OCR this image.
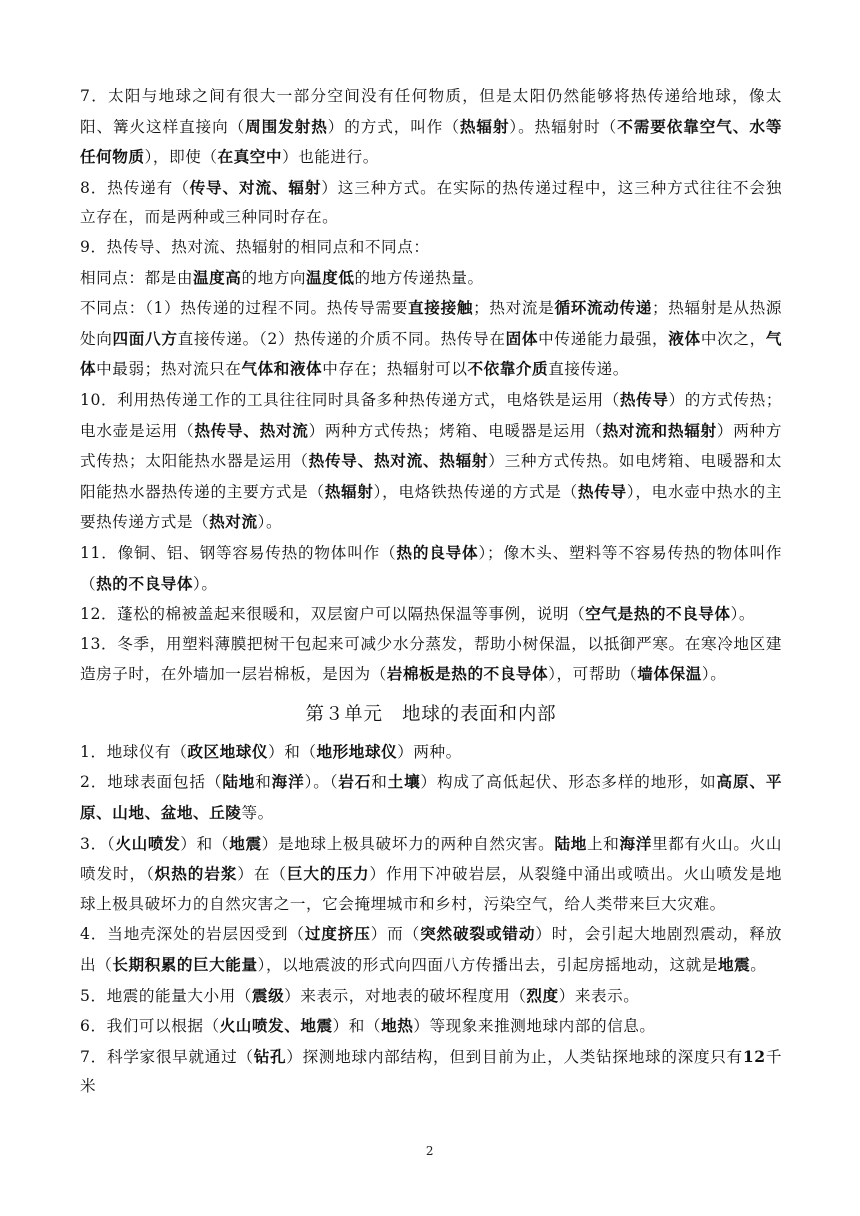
7．太阳与地球之间有很大一部分空间没有任何物质，但是太阳仍然能够将热传递给地球，像太阳、篝火这样直接向（周围发射热）的方式，叫作（热辐射）。热辐射时（不需要依靠空气、水等任何物质），即使（在真空中）也能进行。

8．热传递有（传导、对流、辐射）这三种方式。在实际的热传递过程中，这三种方式往往不会独立存在，而是两种或三种同时存在。

9．热传导、热对流、热辐射的相同点和不同点：

相同点：都是由温度高的地方向温度低的地方传递热量。

不同点：（1）热传递的过程不同。热传导需要直接接触；热对流是循环流动传递；热辐射是从热源处向四面八方直接传递。（2）热传递的介质不同。热传导在固体中传递能力最强，液体中次之，气体中最弱；热对流只在气体和液体中存在；热辐射可以不依靠介质直接传递。

10．利用热传递工作的工具往往同时具备多种热传递方式，电烙铁是运用（热传导）的方式传热；电水壶是运用（热传导、热对流）两种方式传热；烤箱、电暖器是运用（热对流和热辐射）两种方式传热；太阳能热水器是运用（热传导、热对流、热辐射）三种方式传热。如电烤箱、电暖器和太阳能热水器热传递的主要方式是（热辐射），电烙铁热传递的方式是（热传导），电水壶中热水的主要热传递方式是（热对流）。

11．像铜、铝、钢等容易传热的物体叫作（热的良导体）；像木头、塑料等不容易传热的物体叫作（热的不良导体）。

12．蓬松的棉被盖起来很暖和，双层窗户可以隔热保温等事例，说明（空气是热的不良导体）。

13．冬季，用塑料薄膜把树干包起来可减少水分蒸发，帮助小树保温，以抵御严寒。在寒冷地区建造房子时，在外墙加一层岩棉板，是因为（岩棉板是热的不良导体），可帮助（墙体保温）。

第３单元　地球的表面和内部

1．地球仪有（政区地球仪）和（地形地球仪）两种。

2．地球表面包括（陆地和海洋）。（岩石和土壤）构成了高低起伏、形态多样的地形，如高原、平原、山地、盆地、丘陵等。

3．（火山喷发）和（地震）是地球上极具破坏力的两种自然灾害。陆地上和海洋里都有火山。火山喷发时，（炽热的岩浆）在（巨大的压力）作用下冲破岩层，从裂缝中涌出或喷出。火山喷发是地球上极具破坏力的自然灾害之一，它会掩埋城市和乡村，污染空气，给人类带来巨大灾难。

4．当地壳深处的岩层因受到（过度挤压）而（突然破裂或错动）时，会引起大地剧烈震动，释放出（长期积累的巨大能量），以地震波的形式向四面八方传播出去，引起房摇地动，这就是地震。

5．地震的能量大小用（震级）来表示，对地表的破坏程度用（烈度）来表示。

6．我们可以根据（火山喷发、地震）和（地热）等现象来推测地球内部的信息。

7．科学家很早就通过（钻孔）探测地球内部结构，但到目前为止，人类钻探地球的深度只有12千米

2
